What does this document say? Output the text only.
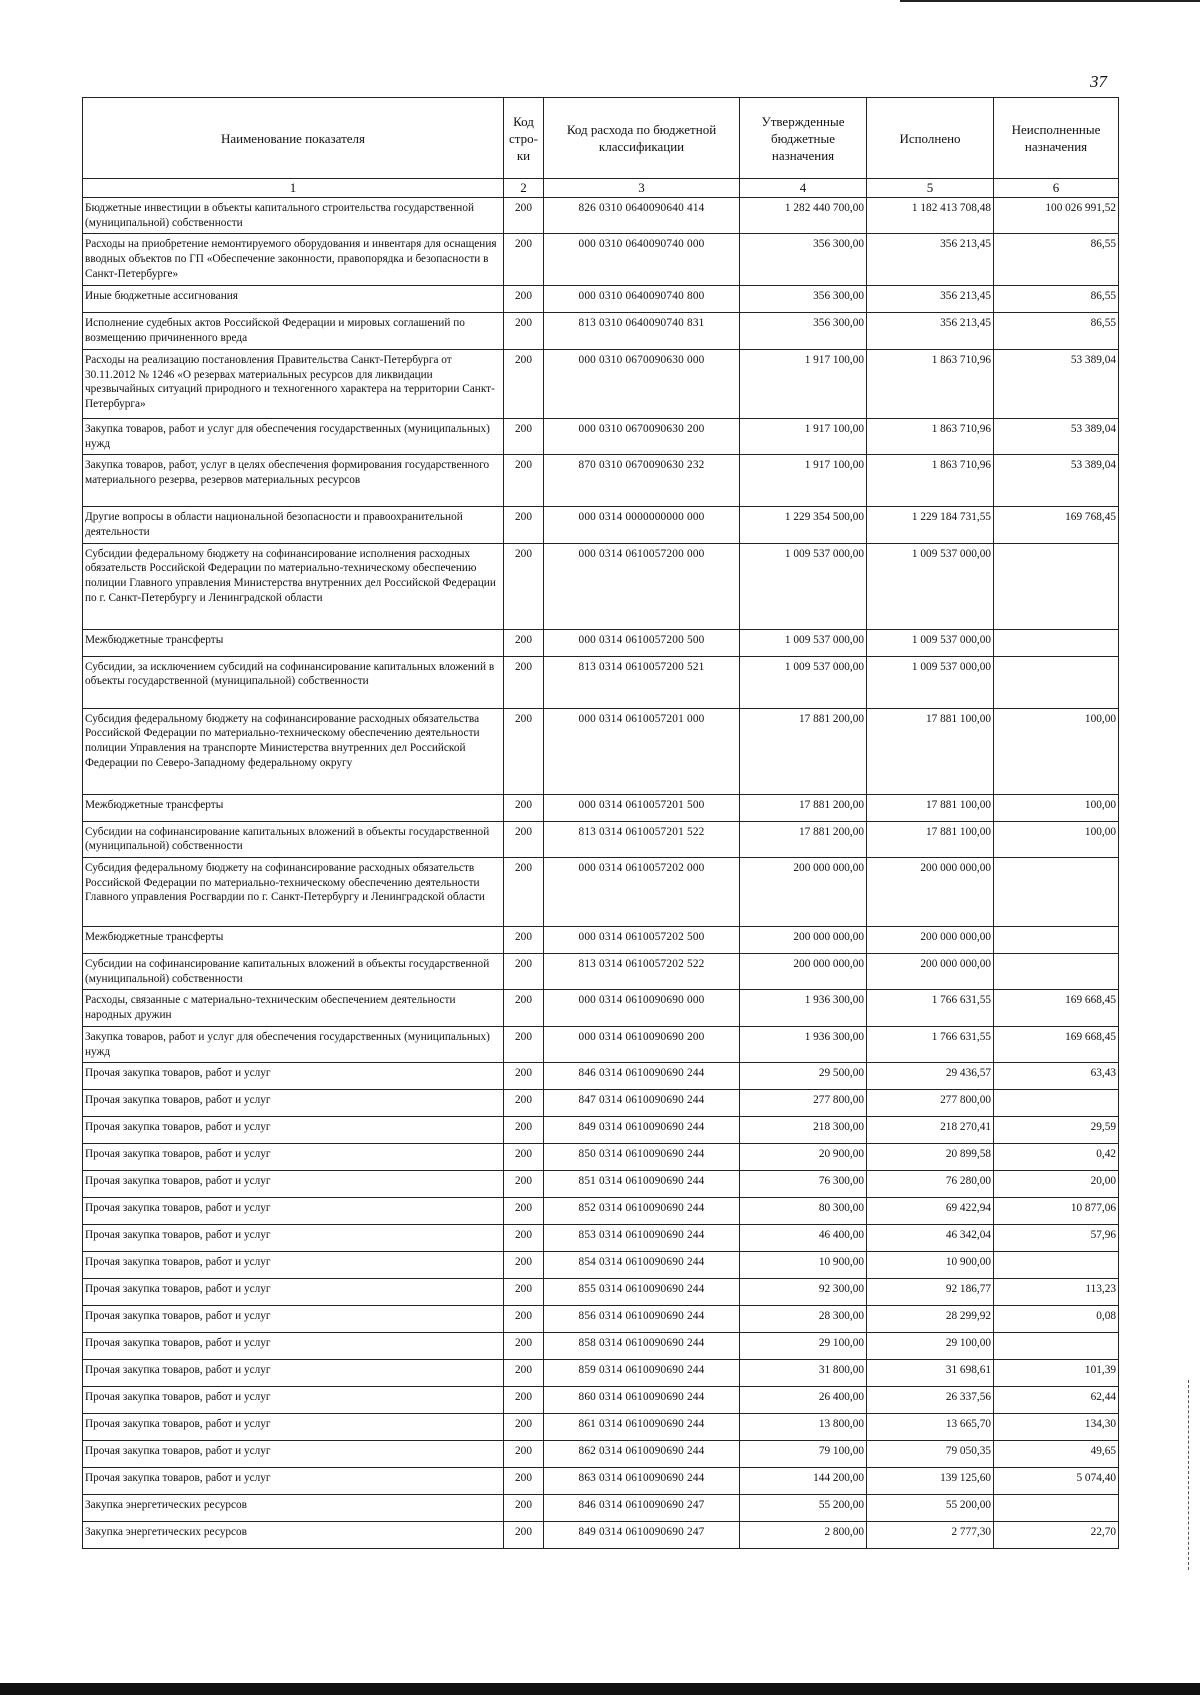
37
Наименование показателя	Код стро-ки	Код расхода по бюджетной классификации	Утвержденные бюджетные назначения	Исполнено	Неисполненные назначения
1	2	3	4	5	6
Бюджетные инвестиции в объекты капитального строительства государственной (муниципальной) собственности	200	826 0310 0640090640 414	1 282 440 700,00	1 182 413 708,48	100 026 991,52
Расходы на приобретение немонтируемого оборудования и инвентаря для оснащения вводных объектов по ГП «Обеспечение законности, правопорядка и безопасности в Санкт-Петербурге»	200	000 0310 0640090740 000	356 300,00	356 213,45	86,55
Иные бюджетные ассигнования	200	000 0310 0640090740 800	356 300,00	356 213,45	86,55
Исполнение судебных актов Российской Федерации и мировых соглашений по возмещению причиненного вреда	200	813 0310 0640090740 831	356 300,00	356 213,45	86,55
Расходы на реализацию постановления Правительства Санкт-Петербурга от 30.11.2012 № 1246 «О резервах материальных ресурсов для ликвидации чрезвычайных ситуаций природного и техногенного характера на территории Санкт-Петербурга»	200	000 0310 0670090630 000	1 917 100,00	1 863 710,96	53 389,04
Закупка товаров, работ и услуг для обеспечения государственных (муниципальных) нужд	200	000 0310 0670090630 200	1 917 100,00	1 863 710,96	53 389,04
Закупка товаров, работ, услуг в целях обеспечения формирования государственного материального резерва, резервов материальных ресурсов	200	870 0310 0670090630 232	1 917 100,00	1 863 710,96	53 389,04
Другие вопросы в области национальной безопасности и правоохранительной деятельности	200	000 0314 0000000000 000	1 229 354 500,00	1 229 184 731,55	169 768,45
Субсидии федеральному бюджету на софинансирование исполнения расходных обязательств Российской Федерации по материально-техническому обеспечению полиции Главного управления Министерства внутренних дел Российской Федерации по г. Санкт-Петербургу и Ленинградской области	200	000 0314 0610057200 000	1 009 537 000,00	1 009 537 000,00	
Межбюджетные трансферты	200	000 0314 0610057200 500	1 009 537 000,00	1 009 537 000,00	
Субсидии, за исключением субсидий на софинансирование капитальных вложений в объекты государственной (муниципальной) собственности	200	813 0314 0610057200 521	1 009 537 000,00	1 009 537 000,00	
Субсидия федеральному бюджету на софинансирование расходных обязательства Российской Федерации по материально-техническому обеспечению деятельности полиции Управления на транспорте Министерства внутренних дел Российской Федерации по Северо-Западному федеральному округу	200	000 0314 0610057201 000	17 881 200,00	17 881 100,00	100,00
Межбюджетные трансферты	200	000 0314 0610057201 500	17 881 200,00	17 881 100,00	100,00
Субсидии на софинансирование капитальных вложений в объекты государственной (муниципальной) собственности	200	813 0314 0610057201 522	17 881 200,00	17 881 100,00	100,00
Субсидия федеральному бюджету на софинансирование расходных обязательств Российской Федерации по материально-техническому обеспечению деятельности Главного управления Росгвардии по г. Санкт-Петербургу и Ленинградской области	200	000 0314 0610057202 000	200 000 000,00	200 000 000,00	
Межбюджетные трансферты	200	000 0314 0610057202 500	200 000 000,00	200 000 000,00	
Субсидии на софинансирование капитальных вложений в объекты государственной (муниципальной) собственности	200	813 0314 0610057202 522	200 000 000,00	200 000 000,00	
Расходы, связанные с материально-техническим обеспечением деятельности народных дружин	200	000 0314 0610090690 000	1 936 300,00	1 766 631,55	169 668,45
Закупка товаров, работ и услуг для обеспечения государственных (муниципальных) нужд	200	000 0314 0610090690 200	1 936 300,00	1 766 631,55	169 668,45
Прочая закупка товаров, работ и услуг	200	846 0314 0610090690 244	29 500,00	29 436,57	63,43
Прочая закупка товаров, работ и услуг	200	847 0314 0610090690 244	277 800,00	277 800,00	
Прочая закупка товаров, работ и услуг	200	849 0314 0610090690 244	218 300,00	218 270,41	29,59
Прочая закупка товаров, работ и услуг	200	850 0314 0610090690 244	20 900,00	20 899,58	0,42
Прочая закупка товаров, работ и услуг	200	851 0314 0610090690 244	76 300,00	76 280,00	20,00
Прочая закупка товаров, работ и услуг	200	852 0314 0610090690 244	80 300,00	69 422,94	10 877,06
Прочая закупка товаров, работ и услуг	200	853 0314 0610090690 244	46 400,00	46 342,04	57,96
Прочая закупка товаров, работ и услуг	200	854 0314 0610090690 244	10 900,00	10 900,00	
Прочая закупка товаров, работ и услуг	200	855 0314 0610090690 244	92 300,00	92 186,77	113,23
Прочая закупка товаров, работ и услуг	200	856 0314 0610090690 244	28 300,00	28 299,92	0,08
Прочая закупка товаров, работ и услуг	200	858 0314 0610090690 244	29 100,00	29 100,00	
Прочая закупка товаров, работ и услуг	200	859 0314 0610090690 244	31 800,00	31 698,61	101,39
Прочая закупка товаров, работ и услуг	200	860 0314 0610090690 244	26 400,00	26 337,56	62,44
Прочая закупка товаров, работ и услуг	200	861 0314 0610090690 244	13 800,00	13 665,70	134,30
Прочая закупка товаров, работ и услуг	200	862 0314 0610090690 244	79 100,00	79 050,35	49,65
Прочая закупка товаров, работ и услуг	200	863 0314 0610090690 244	144 200,00	139 125,60	5 074,40
Закупка энергетических ресурсов	200	846 0314 0610090690 247	55 200,00	55 200,00	
Закупка энергетических ресурсов	200	849 0314 0610090690 247	2 800,00	2 777,30	22,70
